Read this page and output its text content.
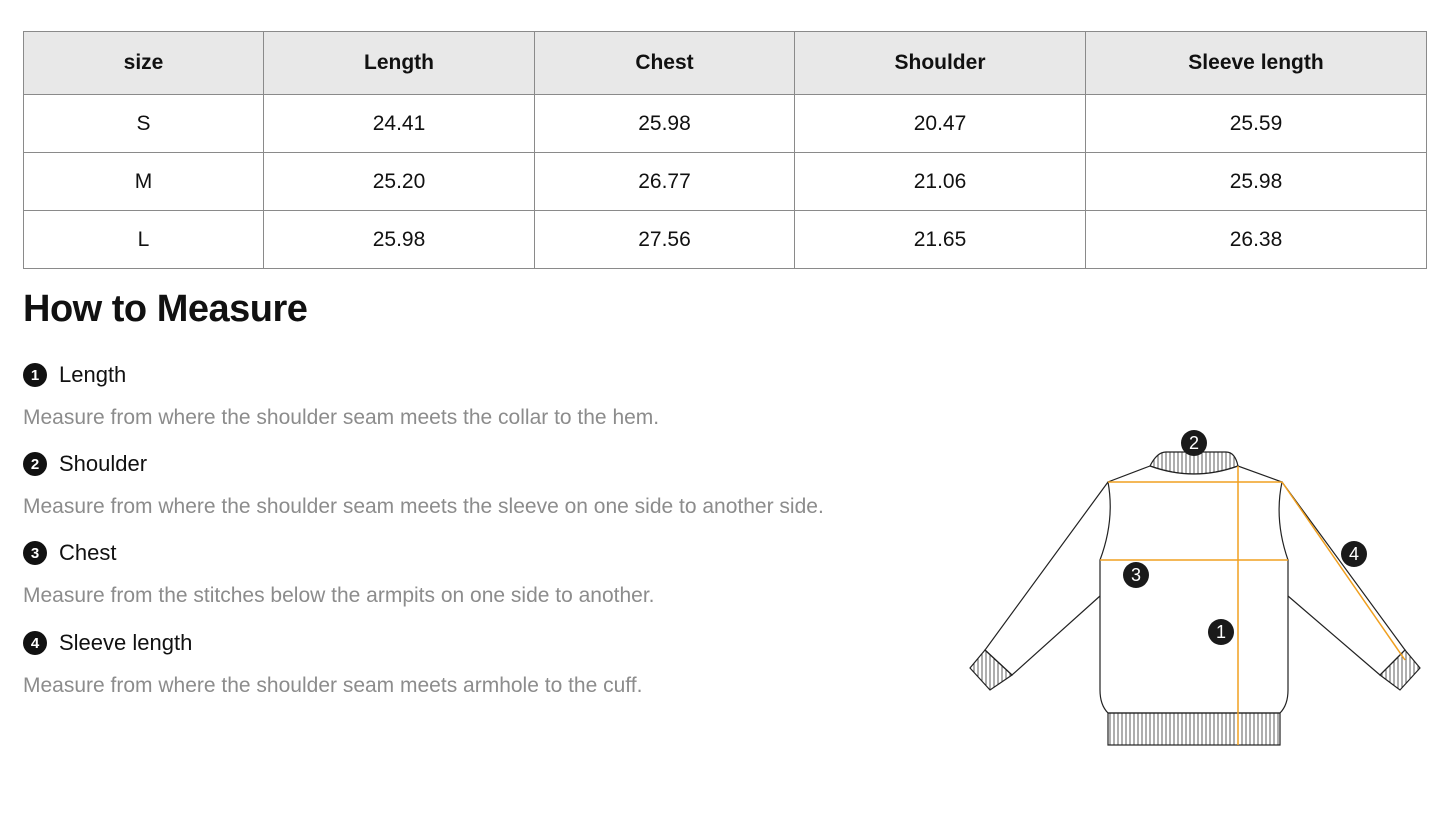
size	Length	Chest	Shoulder	Sleeve length
S	24.41	25.98	20.47	25.59
M	25.20	26.77	21.06	25.98
L	25.98	27.56	21.65	26.38
How to Measure
1 Length
Measure from where the shoulder seam meets the collar to the hem.
2 Shoulder
Measure from where the shoulder seam meets the sleeve on one side to another side.
3 Chest
Measure from the stitches below the armpits on one side to another.
4 Sleeve length
Measure from where the shoulder seam meets armhole to the cuff.
2
3
1
4
